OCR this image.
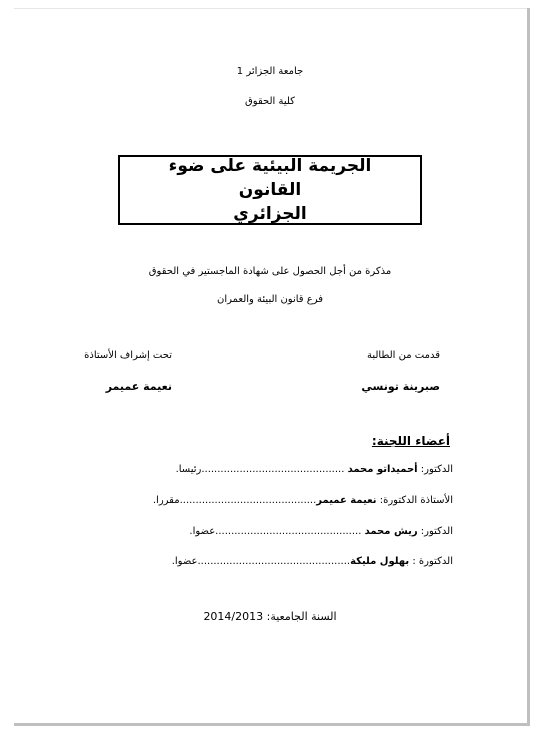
جامعة الجزائر 1
كلية الحقوق
الجريمة البيئية على ضوء القانون
الجزائري
مذكرة من أجل الحصول على شهادة الماجستير في الحقوق
فرع قانون البيئة والعمران
قدمت من الطالبة
صبرينة تونسي
تحت إشراف الأستاذة
نعيمة عميمر
أعضاء اللجنة:
الدكتور: أحميداتو محمد .............................................رئيسا.
الأستاذة الدكتورة: نعيمة عميمر...........................................مقررا.
الدكتور: ريش محمد ..............................................عضوا.
الدكتورة : بهلول مليكة................................................عضوا.
السنة الجامعية: 2014/2013
